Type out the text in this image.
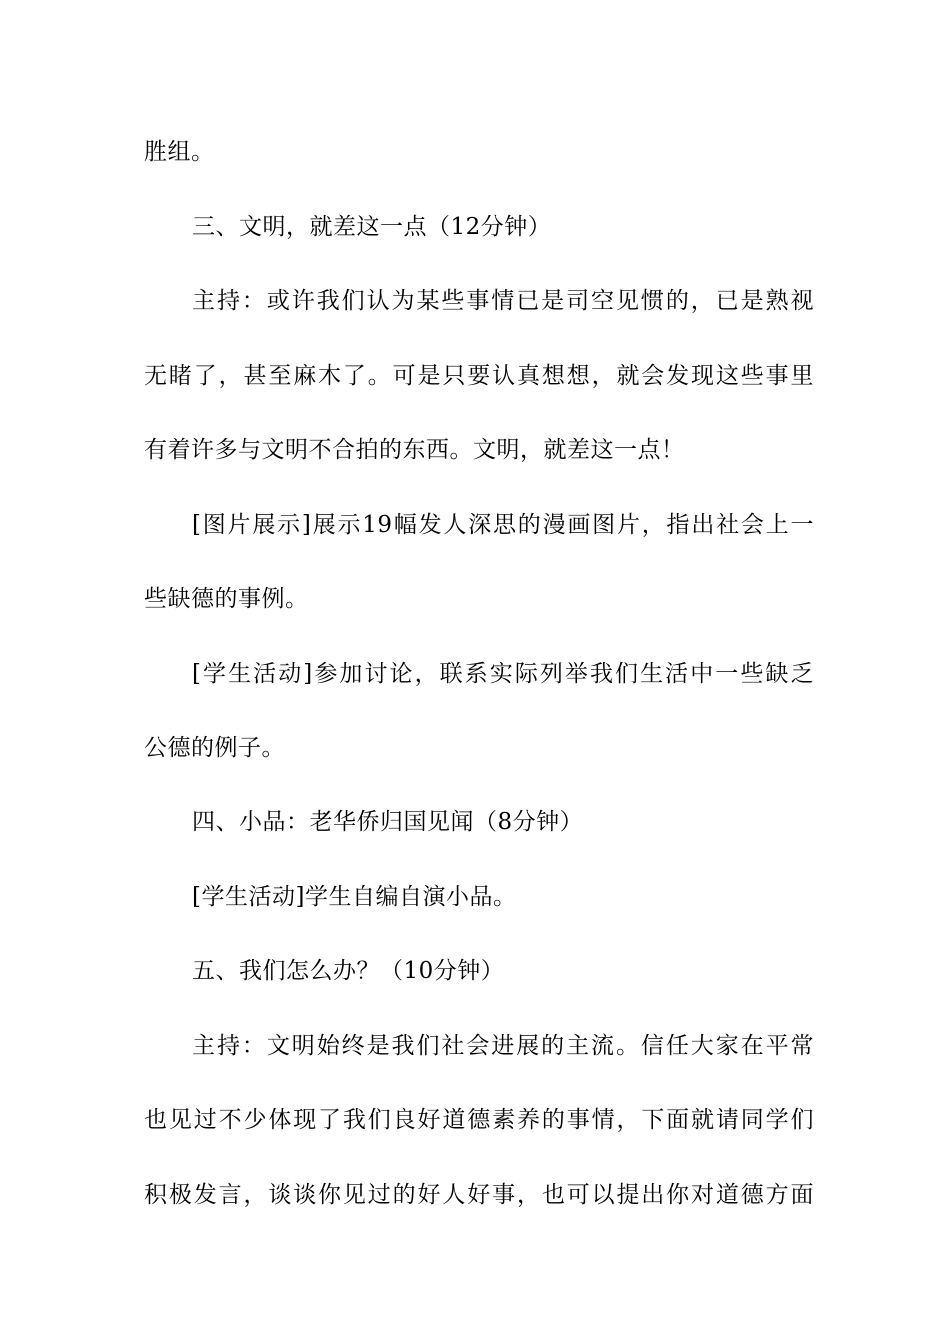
胜组。
三、文明，就差这一点（12分钟）
主持：或许我们认为某些事情已是司空见惯的，已是熟视
无睹了，甚至麻木了。可是只要认真想想，就会发现这些事里
有着许多与文明不合拍的东西。文明，就差这一点！
[图片展示]展示19幅发人深思的漫画图片，指出社会上一
些缺德的事例。
[学生活动]参加讨论，联系实际列举我们生活中一些缺乏
公德的例子。
四、小品：老华侨归国见闻（8分钟）
[学生活动]学生自编自演小品。
五、我们怎么办？（10分钟）
主持：文明始终是我们社会进展的主流。信任大家在平常
也见过不少体现了我们良好道德素养的事情，下面就请同学们
积极发言，谈谈你见过的好人好事，也可以提出你对道德方面
